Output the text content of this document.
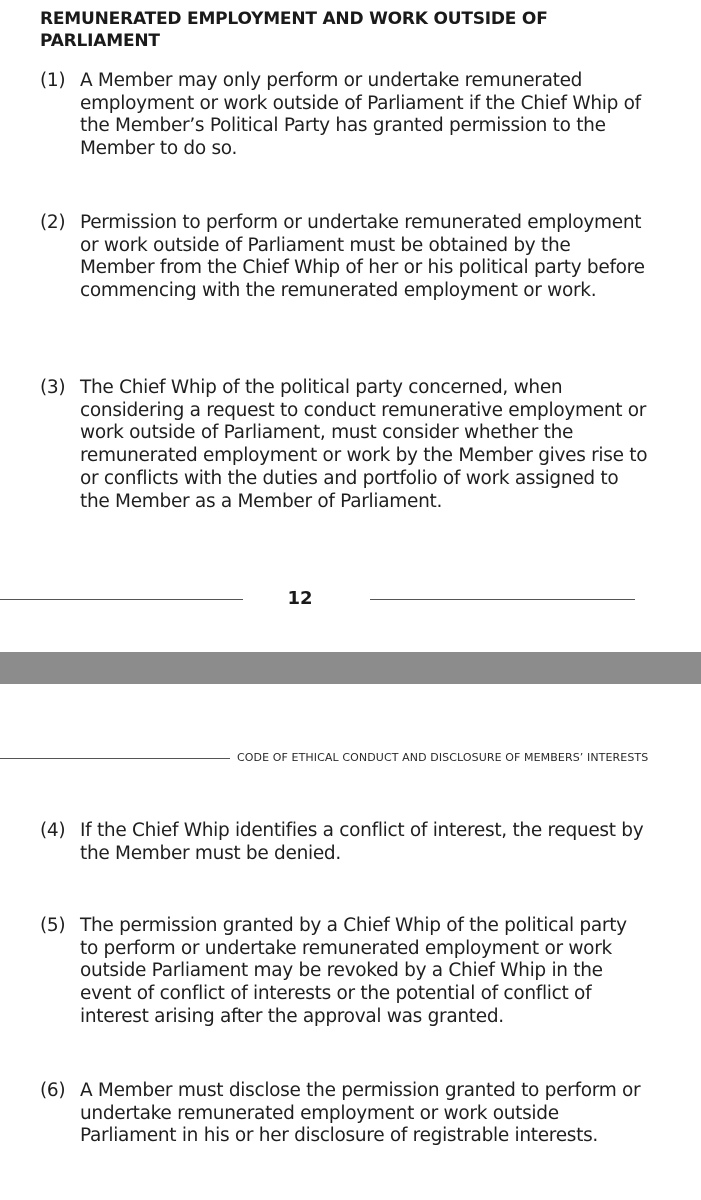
REMUNERATED EMPLOYMENT AND WORK OUTSIDE OF PARLIAMENT
(1) A Member may only perform or undertake remunerated employment or work outside of Parliament if the Chief Whip of the Member’s Political Party has granted permission to the Member to do so.
(2) Permission to perform or undertake remunerated employment or work outside of Parliament must be obtained by the Member from the Chief Whip of her or his political party before commencing with the remunerated employment or work.
(3) The Chief Whip of the political party concerned, when considering a request to conduct remunerative employment or work outside of Parliament, must consider whether the remunerated employment or work by the Member gives rise to or conflicts with the duties and portfolio of work assigned to the Member as a Member of Parliament.
12
CODE OF ETHICAL CONDUCT AND DISCLOSURE OF MEMBERS’ INTERESTS
(4) If the Chief Whip identifies a conflict of interest, the request by the Member must be denied.
(5) The permission granted by a Chief Whip of the political party to perform or undertake remunerated employment or work outside Parliament may be revoked by a Chief Whip in the event of conflict of interests or the potential of conflict of interest arising after the approval was granted.
(6) A Member must disclose the permission granted to perform or undertake remunerated employment or work outside Parliament in his or her disclosure of registrable interests.
